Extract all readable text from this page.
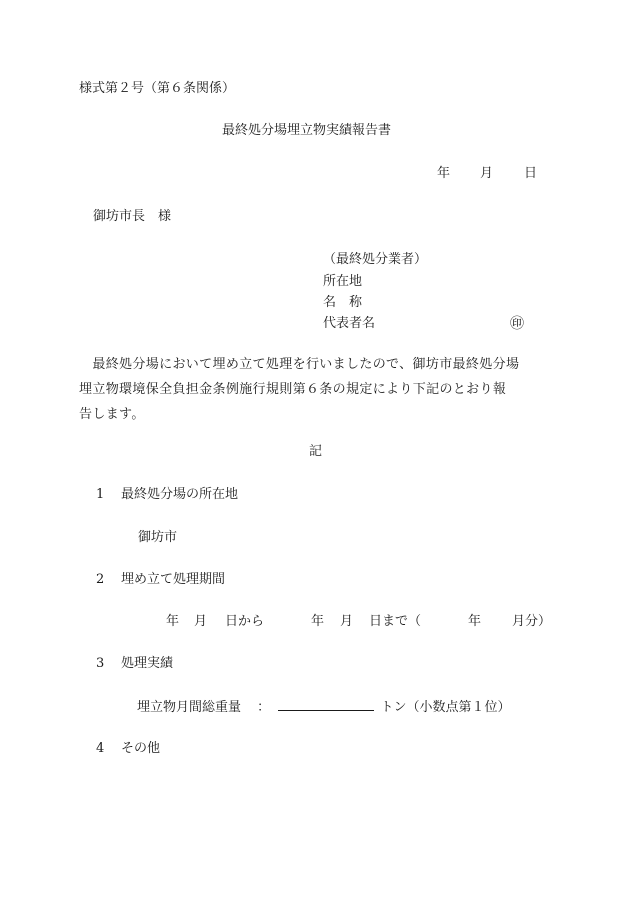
様式第２号（第６条関係）
最終処分場埋立物実績報告書
年 月 日
御坊市長　様
（最終処分業者）
所在地
名　称
代表者名	㊞
　最終処分場において埋め立て処理を行いましたので、御坊市最終処分場
埋立物環境保全負担金条例施行規則第６条の規定により下記のとおり報
告します。
記
1 最終処分場の所在地
御坊市
2 埋め立て処理期間
年 月 日から	年 月 日まで（	年 月分）
3 処理実績
埋立物月間総重量 ：	トン（小数点第１位）
4 その他
